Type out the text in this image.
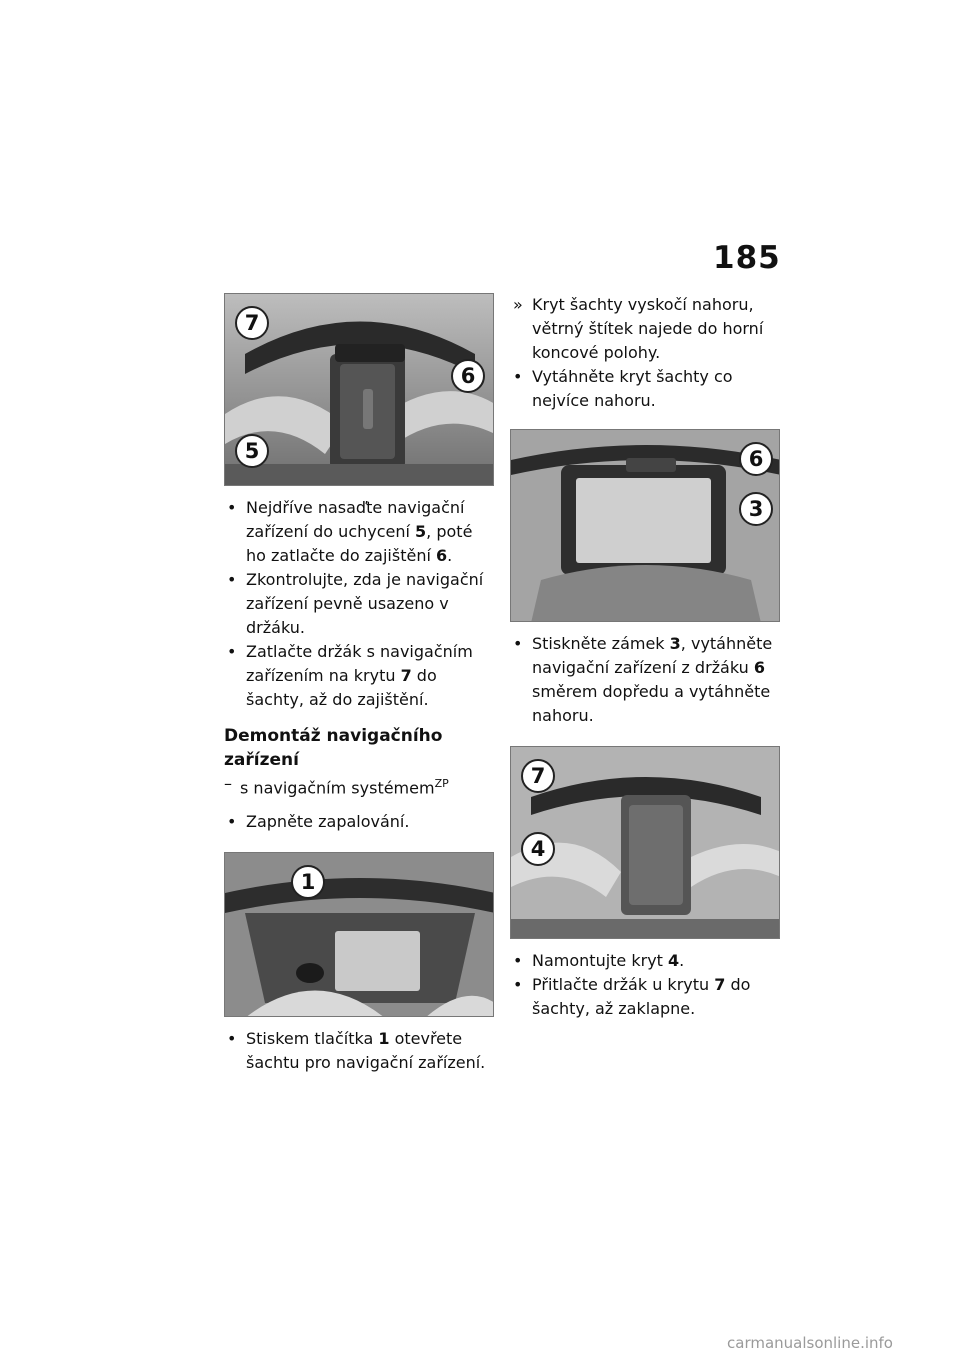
185
7
6
5
• Nejdříve nasaďte navigační zařízení do uchycení 5, poté ho zatlačte do zajištění 6.
• Zkontrolujte, zda je navigační zařízení pevně usazeno v držáku.
• Zatlačte držák s navigačním zařízením na krytu 7 do šachty, až do zajištění.
Demontáž navigačního zařízení
– s navigačním systémem$^{ZP}$
• Zapněte zapalování.
1
• Stiskem tlačítka 1 otevřete šachtu pro navigační zařízení.
» Kryt šachty vyskočí nahoru, větrný štítek najede do horní koncové polohy.
• Vytáhněte kryt šachty co nejvíce nahoru.
6
3
• Stiskněte zámek 3, vytáhněte navigační zařízení z držáku 6 směrem dopředu a vytáhněte nahoru.
7
4
• Namontujte kryt 4.
• Přitlačte držák u krytu 7 do šachty, až zaklapne.
carmanualsonline.info
